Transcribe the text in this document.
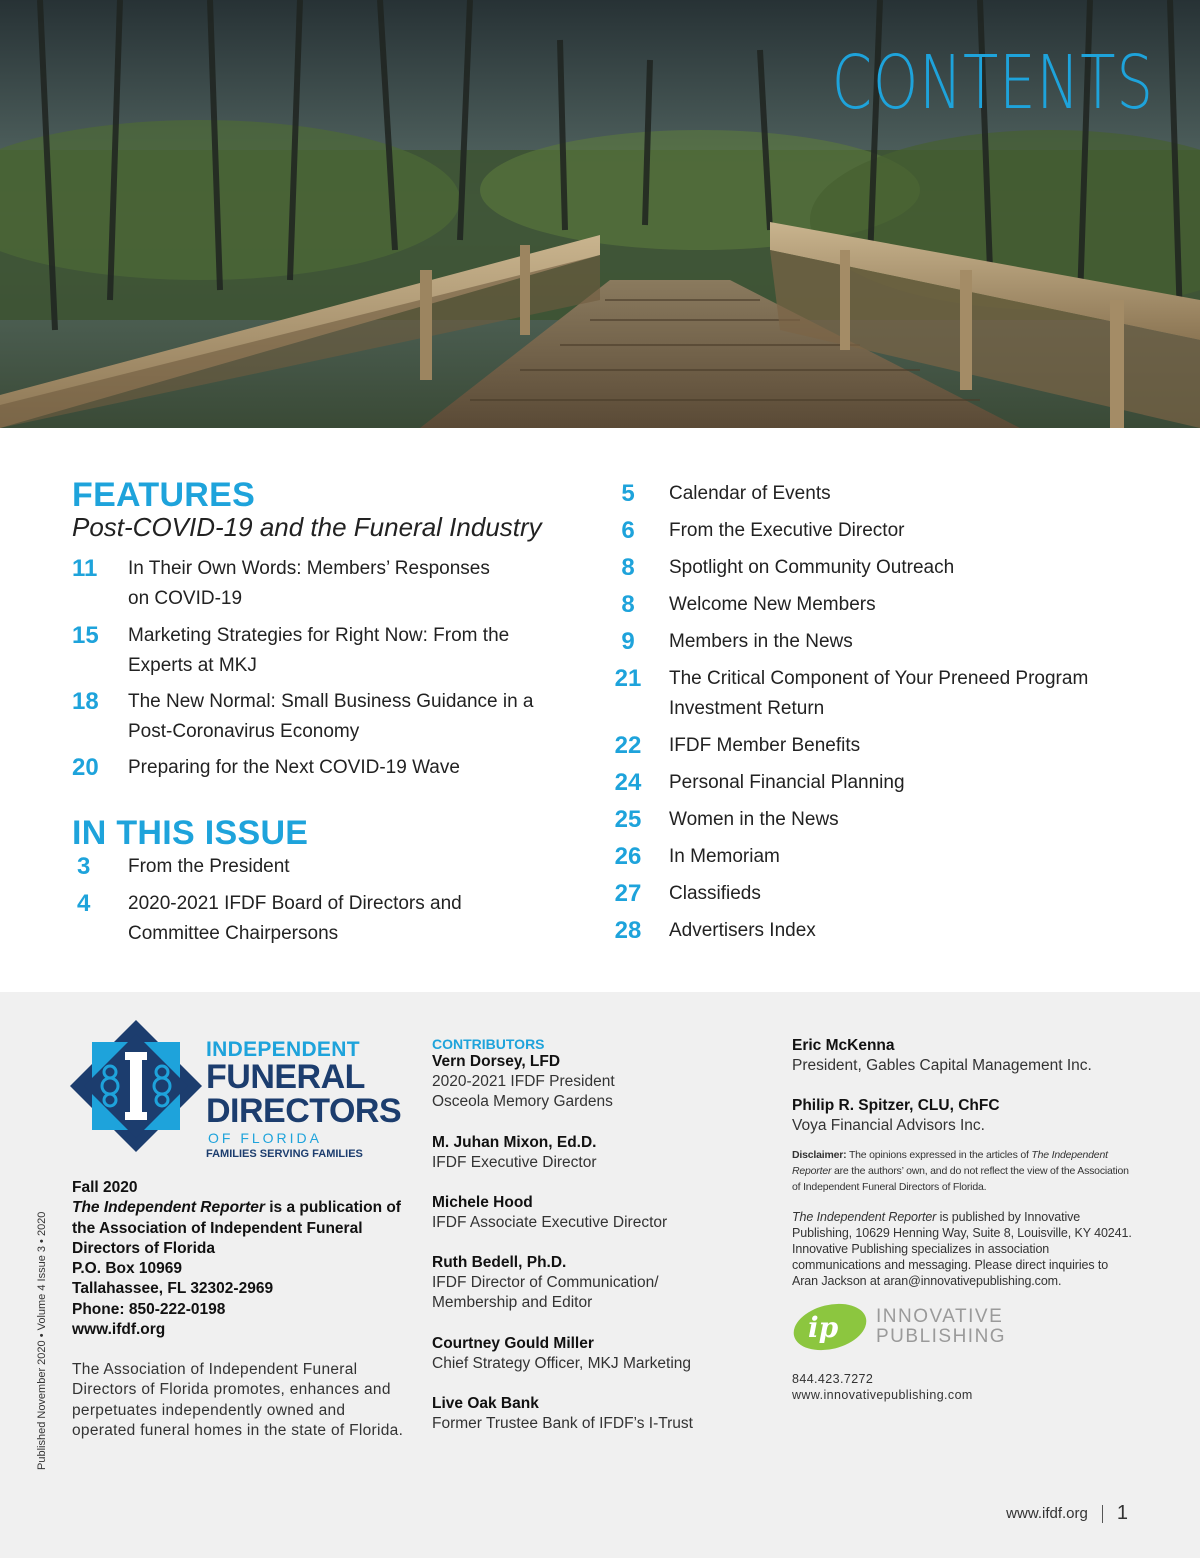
CONTENTS
FEATURES
Post-COVID-19 and the Funeral Industry
11	In Their Own Words: Members’ Responses
on COVID-19
15	Marketing Strategies for Right Now: From the
Experts at MKJ
18	The New Normal: Small Business Guidance in a
Post-Coronavirus Economy
20	Preparing for the Next COVID-19 Wave
IN THIS ISSUE
3	From the President
4	2020-2021 IFDF Board of Directors and
Committee Chairpersons
5	Calendar of Events
6	From the Executive Director
8	Spotlight on Community Outreach
8	Welcome New Members
9	Members in the News
21	The Critical Component of Your Preneed Program
Investment Return
22	IFDF Member Benefits
24	Personal Financial Planning
25	Women in the News
26	In Memoriam
27	Classifieds
28	Advertisers Index
Published November 2020 • Volume 4 Issue 3 • 2020
INDEPENDENT
FUNERAL
DIRECTORS
OF FLORIDA
FAMILIES SERVING FAMILIES
Fall 2020
The Independent Reporter is a publication of the Association of Independent Funeral Directors of Florida
P.O. Box 10969
Tallahassee, FL 32302-2969
Phone: 850-222-0198
www.ifdf.org
The Association of Independent Funeral Directors of Florida promotes, enhances and perpetuates independently owned and operated funeral homes in the state of Florida.
CONTRIBUTORS
Vern Dorsey, LFD
2020-2021 IFDF President
Osceola Memory Gardens
M. Juhan Mixon, Ed.D.
IFDF Executive Director
Michele Hood
IFDF Associate Executive Director
Ruth Bedell, Ph.D.
IFDF Director of Communication/
Membership and Editor
Courtney Gould Miller
Chief Strategy Officer, MKJ Marketing
Live Oak Bank
Former Trustee Bank of IFDF’s I-Trust
Eric McKenna
President, Gables Capital Management Inc.
Philip R. Spitzer, CLU, ChFC
Voya Financial Advisors Inc.
Disclaimer: The opinions expressed in the articles of The Independent Reporter are the authors’ own, and do not reflect the view of the Association of Independent Funeral Directors of Florida.
The Independent Reporter is published by Innovative Publishing, 10629 Henning Way, Suite 8, Louisville, KY 40241. Innovative Publishing specializes in association communications and messaging. Please direct inquiries to Aran Jackson at aran@innovativepublishing.com.
ip INNOVATIVE
PUBLISHING
844.423.7272
www.innovativepublishing.com
www.ifdf.org 1
